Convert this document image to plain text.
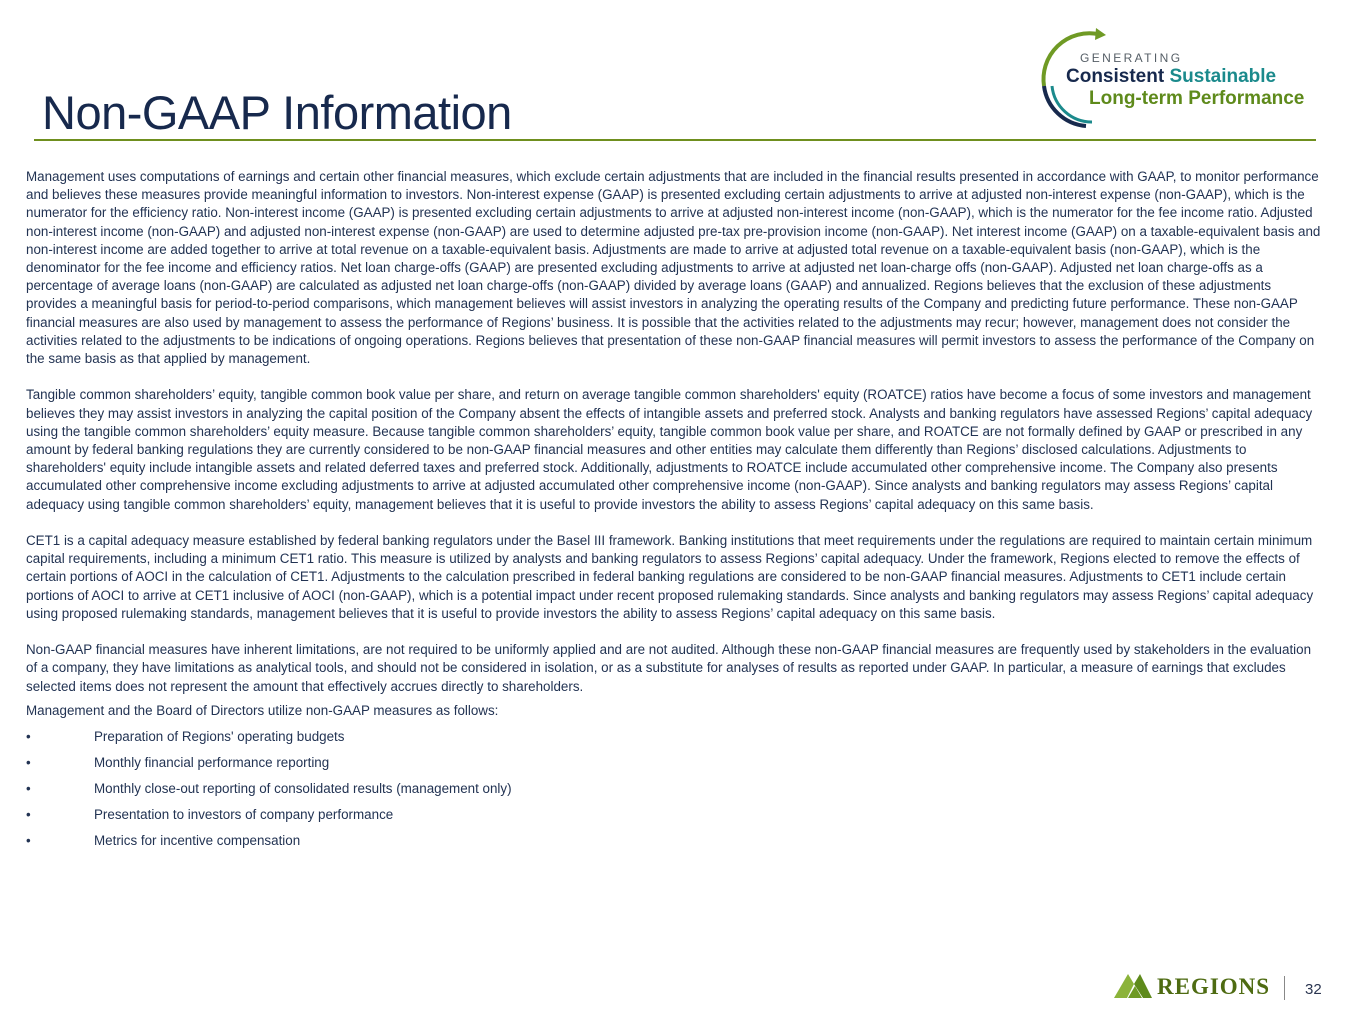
Non-GAAP Information
GENERATING
Consistent Sustainable
Long-term Performance

Management uses computations of earnings and certain other financial measures, which exclude certain adjustments that are included in the financial results presented in accordance with GAAP, to monitor performance and believes these measures provide meaningful information to investors. Non-interest expense (GAAP) is presented excluding certain adjustments to arrive at adjusted non-interest expense (non-GAAP), which is the numerator for the efficiency ratio. Non-interest income (GAAP) is presented excluding certain adjustments to arrive at adjusted non-interest income (non-GAAP), which is the numerator for the fee income ratio. Adjusted non-interest income (non-GAAP) and adjusted non-interest expense (non-GAAP) are used to determine adjusted pre-tax pre-provision income (non-GAAP). Net interest income (GAAP) on a taxable-equivalent basis and non-interest income are added together to arrive at total revenue on a taxable-equivalent basis. Adjustments are made to arrive at adjusted total revenue on a taxable-equivalent basis (non-GAAP), which is the denominator for the fee income and efficiency ratios. Net loan charge-offs (GAAP) are presented excluding adjustments to arrive at adjusted net loan-charge offs (non-GAAP). Adjusted net loan charge-offs as a percentage of average loans (non-GAAP) are calculated as adjusted net loan charge-offs (non-GAAP) divided by average loans (GAAP) and annualized. Regions believes that the exclusion of these adjustments provides a meaningful basis for period-to-period comparisons, which management believes will assist investors in analyzing the operating results of the Company and predicting future performance. These non-GAAP financial measures are also used by management to assess the performance of Regions’ business. It is possible that the activities related to the adjustments may recur; however, management does not consider the activities related to the adjustments to be indications of ongoing operations. Regions believes that presentation of these non-GAAP financial measures will permit investors to assess the performance of the Company on the same basis as that applied by management.

Tangible common shareholders’ equity, tangible common book value per share, and return on average tangible common shareholders' equity (ROATCE) ratios have become a focus of some investors and management believes they may assist investors in analyzing the capital position of the Company absent the effects of intangible assets and preferred stock. Analysts and banking regulators have assessed Regions’ capital adequacy using the tangible common shareholders’ equity measure. Because tangible common shareholders’ equity, tangible common book value per share, and ROATCE are not formally defined by GAAP or prescribed in any amount by federal banking regulations they are currently considered to be non-GAAP financial measures and other entities may calculate them differently than Regions’ disclosed calculations. Adjustments to shareholders' equity include intangible assets and related deferred taxes and preferred stock. Additionally, adjustments to ROATCE include accumulated other comprehensive income. The Company also presents accumulated other comprehensive income excluding adjustments to arrive at adjusted accumulated other comprehensive income (non-GAAP). Since analysts and banking regulators may assess Regions’ capital adequacy using tangible common shareholders’ equity, management believes that it is useful to provide investors the ability to assess Regions’ capital adequacy on this same basis.

CET1 is a capital adequacy measure established by federal banking regulators under the Basel III framework. Banking institutions that meet requirements under the regulations are required to maintain certain minimum capital requirements, including a minimum CET1 ratio. This measure is utilized by analysts and banking regulators to assess Regions’ capital adequacy. Under the framework, Regions elected to remove the effects of certain portions of AOCI in the calculation of CET1. Adjustments to the calculation prescribed in federal banking regulations are considered to be non-GAAP financial measures. Adjustments to CET1 include certain portions of AOCI to arrive at CET1 inclusive of AOCI (non-GAAP), which is a potential impact under recent proposed rulemaking standards. Since analysts and banking regulators may assess Regions’ capital adequacy using proposed rulemaking standards, management believes that it is useful to provide investors the ability to assess Regions’ capital adequacy on this same basis.

Non-GAAP financial measures have inherent limitations, are not required to be uniformly applied and are not audited. Although these non-GAAP financial measures are frequently used by stakeholders in the evaluation of a company, they have limitations as analytical tools, and should not be considered in isolation, or as a substitute for analyses of results as reported under GAAP. In particular, a measure of earnings that excludes selected items does not represent the amount that effectively accrues directly to shareholders.

Management and the Board of Directors utilize non-GAAP measures as follows:

•	Preparation of Regions' operating budgets
•	Monthly financial performance reporting
•	Monthly close-out reporting of consolidated results (management only)
•	Presentation to investors of company performance
•	Metrics for incentive compensation
REGIONS 32
